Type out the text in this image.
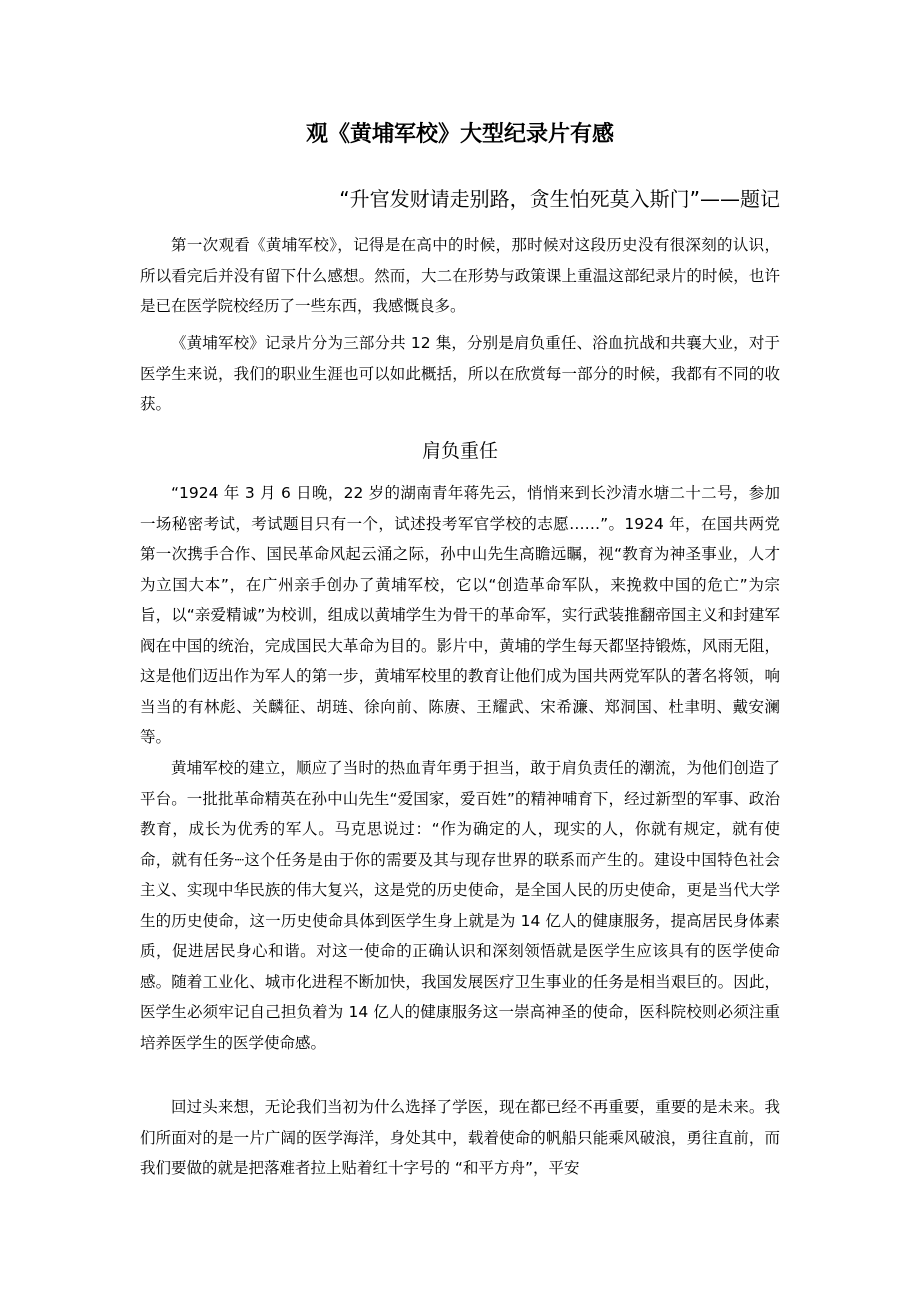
观《黄埔军校》大型纪录片有感
“升官发财请走别路，贪生怕死莫入斯门”——题记

第一次观看《黄埔军校》，记得是在高中的时候，那时候对这段历史没有很深刻的认识，所以看完后并没有留下什么感想。然而，大二在形势与政策课上重温这部纪录片的时候，也许是已在医学院校经历了一些东西，我感慨良多。

《黄埔军校》记录片分为三部分共 12 集，分别是肩负重任、浴血抗战和共襄大业，对于医学生来说，我们的职业生涯也可以如此概括，所以在欣赏每一部分的时候，我都有不同的收获。

肩负重任

“1924 年 3 月 6 日晚，22 岁的湖南青年蒋先云，悄悄来到长沙清水塘二十二号，参加一场秘密考试，考试题目只有一个，试述投考军官学校的志愿……”。1924 年，在国共两党第一次携手合作、国民革命风起云涌之际，孙中山先生高瞻远瞩，视“教育为神圣事业，人才为立国大本”，在广州亲手创办了黄埔军校，它以“创造革命军队，来挽救中国的危亡”为宗旨，以“亲爱精诚”为校训，组成以黄埔学生为骨干的革命军，实行武装推翻帝国主义和封建军阀在中国的统治，完成国民大革命为目的。影片中，黄埔的学生每天都坚持锻炼，风雨无阻，这是他们迈出作为军人的第一步，黄埔军校里的教育让他们成为国共两党军队的著名将领，响当当的有林彪、关麟征、胡琏、徐向前、陈赓、王耀武、宋希濂、郑洞国、杜聿明、戴安澜等。

黄埔军校的建立，顺应了当时的热血青年勇于担当，敢于肩负责任的潮流，为他们创造了平台。一批批革命精英在孙中山先生“爱国家，爱百姓”的精神哺育下，经过新型的军事、政治教育，成长为优秀的军人。马克思说过：“作为确定的人，现实的人，你就有规定，就有使命，就有任务┈这个任务是由于你的需要及其与现存世界的联系而产生的。建设中国特色社会主义、实现中华民族的伟大复兴，这是党的历史使命，是全国人民的历史使命，更是当代大学生的历史使命，这一历史使命具体到医学生身上就是为 14 亿人的健康服务，提高居民身体素质，促进居民身心和谐。对这一使命的正确认识和深刻领悟就是医学生应该具有的医学使命感。随着工业化、城市化进程不断加快，我国发展医疗卫生事业的任务是相当艰巨的。因此，医学生必须牢记自己担负着为 14 亿人的健康服务这一崇高神圣的使命，医科院校则必须注重培养医学生的医学使命感。

回过头来想，无论我们当初为什么选择了学医，现在都已经不再重要，重要的是未来。我们所面对的是一片广阔的医学海洋，身处其中，载着使命的帆船只能乘风破浪，勇往直前，而我们要做的就是把落难者拉上贴着红十字号的 “和平方舟”，平安
